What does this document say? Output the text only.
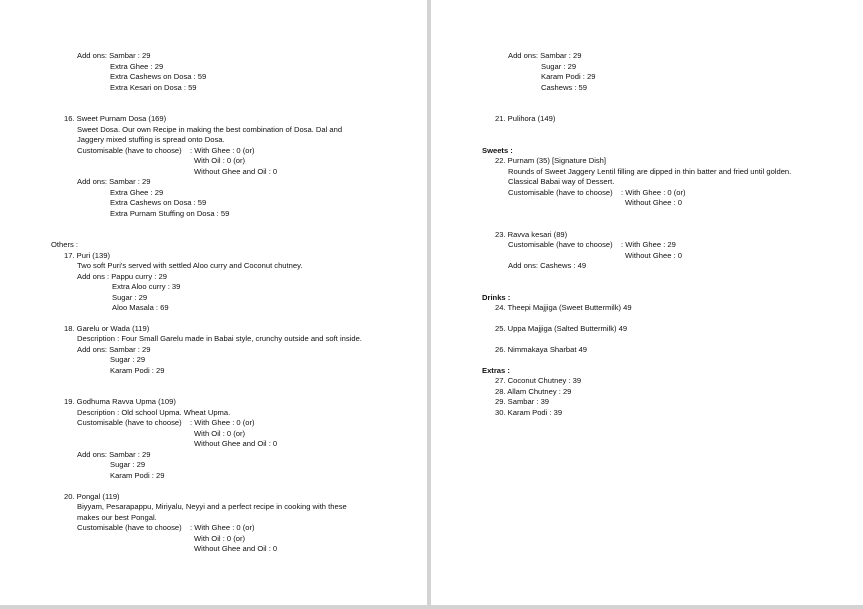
Add ons: Sambar : 29
Extra Ghee : 29
Extra Cashews on Dosa : 59
Extra Kesari on Dosa : 59
16. Sweet Purnam Dosa (169)
Sweet Dosa. Our own Recipe in making the best combination of Dosa. Dal and
Jaggery mixed stuffing is spread onto Dosa.
Customisable (have to choose) : With Ghee : 0 (or)
With Oil : 0 (or)
Without Ghee and Oil : 0
Add ons: Sambar : 29
Extra Ghee : 29
Extra Cashews on Dosa : 59
Extra Purnam Stuffing on Dosa : 59
Others :
17. Puri (139)
Two soft Puri's served with settled Aloo curry and Coconut chutney.
Add ons : Pappu curry : 29
Extra Aloo curry : 39
Sugar : 29
Aloo Masala : 69
18. Garelu or Wada (119)
Description : Four Small Garelu made in Babai style, crunchy outside and soft inside.
Add ons: Sambar : 29
Sugar : 29
Karam Podi : 29
19. Godhuma Ravva Upma (109)
Description : Old school Upma. Wheat Upma.
Customisable (have to choose) : With Ghee : 0 (or)
With Oil : 0 (or)
Without Ghee and Oil : 0
Add ons: Sambar : 29
Sugar : 29
Karam Podi : 29
20. Pongal (119)
Biyyam, Pesarapappu, Miriyalu, Neyyi and a perfect recipe in cooking with these
makes our best Pongal.
Customisable (have to choose) : With Ghee : 0 (or)
With Oil : 0 (or)
Without Ghee and Oil : 0
Add ons: Sambar : 29
Sugar : 29
Karam Podi : 29
Cashews : 59
21. Pulihora (149)
Sweets :
22. Purnam (35) [Signature Dish]
Rounds of Sweet Jaggery Lentil filling are dipped in thin batter and fried until golden.
Classical Babai way of Dessert.
Customisable (have to choose) : With Ghee : 0 (or)
Without Ghee : 0
23. Ravva kesari (89)
Customisable (have to choose) : With Ghee : 29
Without Ghee : 0
Add ons: Cashews : 49
Drinks :
24. Theepi Majjiga (Sweet Buttermilk) 49
25. Uppa Majjiga (Salted Buttermilk) 49
26. Nimmakaya Sharbat 49
Extras :
27. Coconut Chutney : 39
28. Allam Chutney : 29
29. Sambar : 39
30. Karam Podi : 39
